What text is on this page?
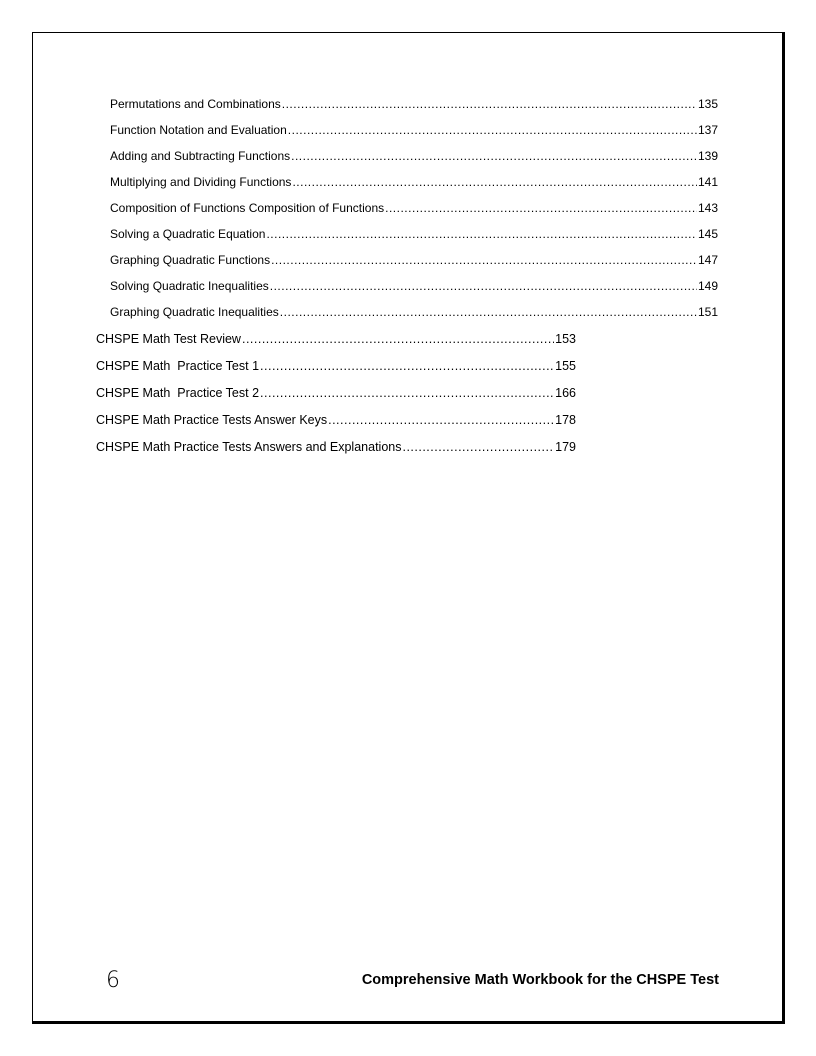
Permutations and Combinations .....	135
Function Notation and Evaluation .....	137
Adding and Subtracting Functions .....	139
Multiplying and Dividing Functions .....	141
Composition of Functions Composition of Functions .....	143
Solving a Quadratic Equation .....	145
Graphing Quadratic Functions .....	147
Solving Quadratic Inequalities .....	149
Graphing Quadratic Inequalities .....	151
CHSPE Math Test Review .....	153
CHSPE Math  Practice Test 1 .....	155
CHSPE Math  Practice Test 2 .....	166
CHSPE Math Practice Tests Answer Keys .....	178
CHSPE Math Practice Tests Answers and Explanations .....	179
6	Comprehensive Math Workbook for the CHSPE Test
